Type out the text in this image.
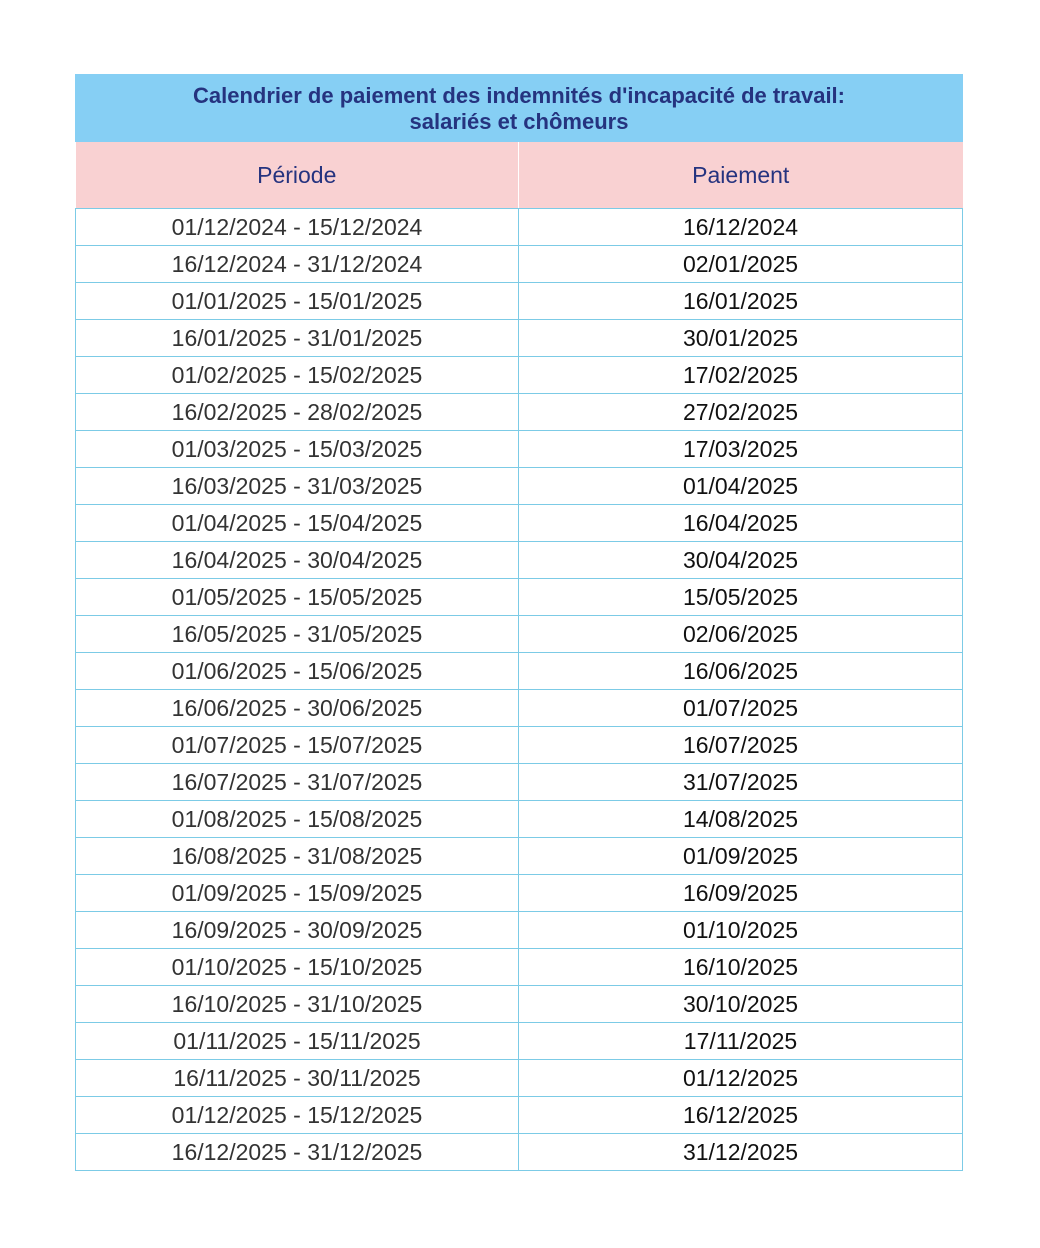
Calendrier de paiement des indemnités d'incapacité de travail:
salariés et chômeurs	

Période	Paiement
01/12/2024 - 15/12/2024	16/12/2024
16/12/2024 - 31/12/2024	02/01/2025
01/01/2025 - 15/01/2025	16/01/2025
16/01/2025 - 31/01/2025	30/01/2025
01/02/2025 - 15/02/2025	17/02/2025
16/02/2025 - 28/02/2025	27/02/2025
01/03/2025 - 15/03/2025	17/03/2025
16/03/2025 - 31/03/2025	01/04/2025
01/04/2025 - 15/04/2025	16/04/2025
16/04/2025 - 30/04/2025	30/04/2025
01/05/2025 - 15/05/2025	15/05/2025
16/05/2025 - 31/05/2025	02/06/2025
01/06/2025 - 15/06/2025	16/06/2025
16/06/2025 - 30/06/2025	01/07/2025
01/07/2025 - 15/07/2025	16/07/2025
16/07/2025 - 31/07/2025	31/07/2025
01/08/2025 - 15/08/2025	14/08/2025
16/08/2025 - 31/08/2025	01/09/2025
01/09/2025 - 15/09/2025	16/09/2025
16/09/2025 - 30/09/2025	01/10/2025
01/10/2025 - 15/10/2025	16/10/2025
16/10/2025 - 31/10/2025	30/10/2025
01/11/2025 - 15/11/2025	17/11/2025
16/11/2025 - 30/11/2025	01/12/2025
01/12/2025 - 15/12/2025	16/12/2025
16/12/2025 - 31/12/2025	31/12/2025
